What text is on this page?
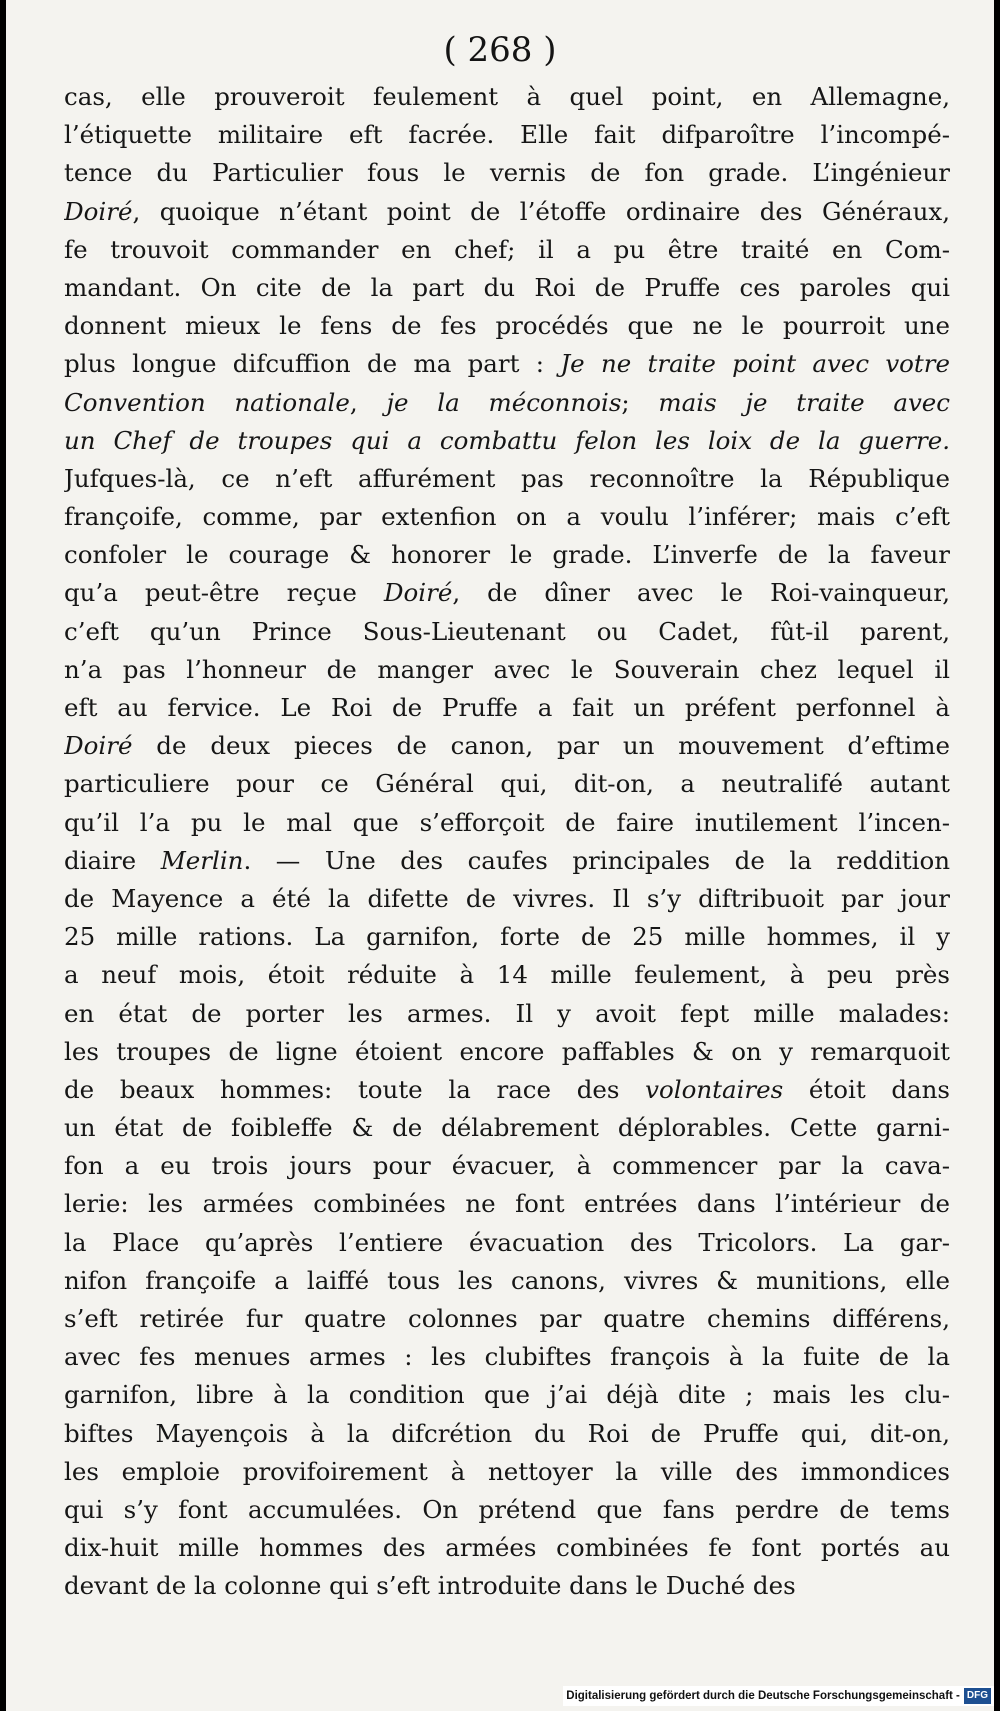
( 268 )
cas, elle prouveroit feulement à quel point, en Allemagne,
l’étiquette militaire eft facrée. Elle fait difparoître l’incompé-
tence du Particulier fous le vernis de fon grade. L’ingénieur
Doiré, quoique n’étant point de l’étoffe ordinaire des Généraux,
fe trouvoit commander en chef; il a pu être traité en Com-
mandant. On cite de la part du Roi de Pruffe ces paroles qui
donnent mieux le fens de fes procédés que ne le pourroit une
plus longue difcuffion de ma part : Je ne traite point avec votre
Convention nationale, je la méconnois; mais je traite avec
un Chef de troupes qui a combattu felon les loix de la guerre.
Jufques-là, ce n’eft affurément pas reconnoître la République
françoife, comme, par extenfion on a voulu l’inférer; mais c’eft
confoler le courage & honorer le grade. L’inverfe de la faveur
qu’a peut-être reçue Doiré, de dîner avec le Roi-vainqueur,
c’eft qu’un Prince Sous-Lieutenant ou Cadet, fût-il parent,
n’a pas l’honneur de manger avec le Souverain chez lequel il
eft au fervice. Le Roi de Pruffe a fait un préfent perfonnel à
Doiré de deux pieces de canon, par un mouvement d’eftime
particuliere pour ce Général qui, dit-on, a neutralifé autant
qu’il l’a pu le mal que s’efforçoit de faire inutilement l’incen-
diaire Merlin. — Une des caufes principales de la reddition
de Mayence a été la difette de vivres. Il s’y diftribuoit par jour
25 mille rations. La garnifon, forte de 25 mille hommes, il y
a neuf mois, étoit réduite à 14 mille feulement, à peu près
en état de porter les armes. Il y avoit fept mille malades:
les troupes de ligne étoient encore paffables & on y remarquoit
de beaux hommes: toute la race des volontaires étoit dans
un état de foibleffe & de délabrement déplorables. Cette garni-
fon a eu trois jours pour évacuer, à commencer par la cava-
lerie: les armées combinées ne font entrées dans l’intérieur de
la Place qu’après l’entiere évacuation des Tricolors. La gar-
nifon françoife a laiffé tous les canons, vivres & munitions, elle
s’eft retirée fur quatre colonnes par quatre chemins différens,
avec fes menues armes : les clubiftes françois à la fuite de la
garnifon, libre à la condition que j’ai déjà dite ; mais les clu-
biftes Mayençois à la difcrétion du Roi de Pruffe qui, dit-on,
les emploie provifoirement à nettoyer la ville des immondices
qui s’y font accumulées. On prétend que fans perdre de tems
dix-huit mille hommes des armées combinées fe font portés au
devant de la colonne qui s’eft introduite dans le Duché des
Digitalisierung gefördert durch die Deutsche Forschungsgemeinschaft - DFG
